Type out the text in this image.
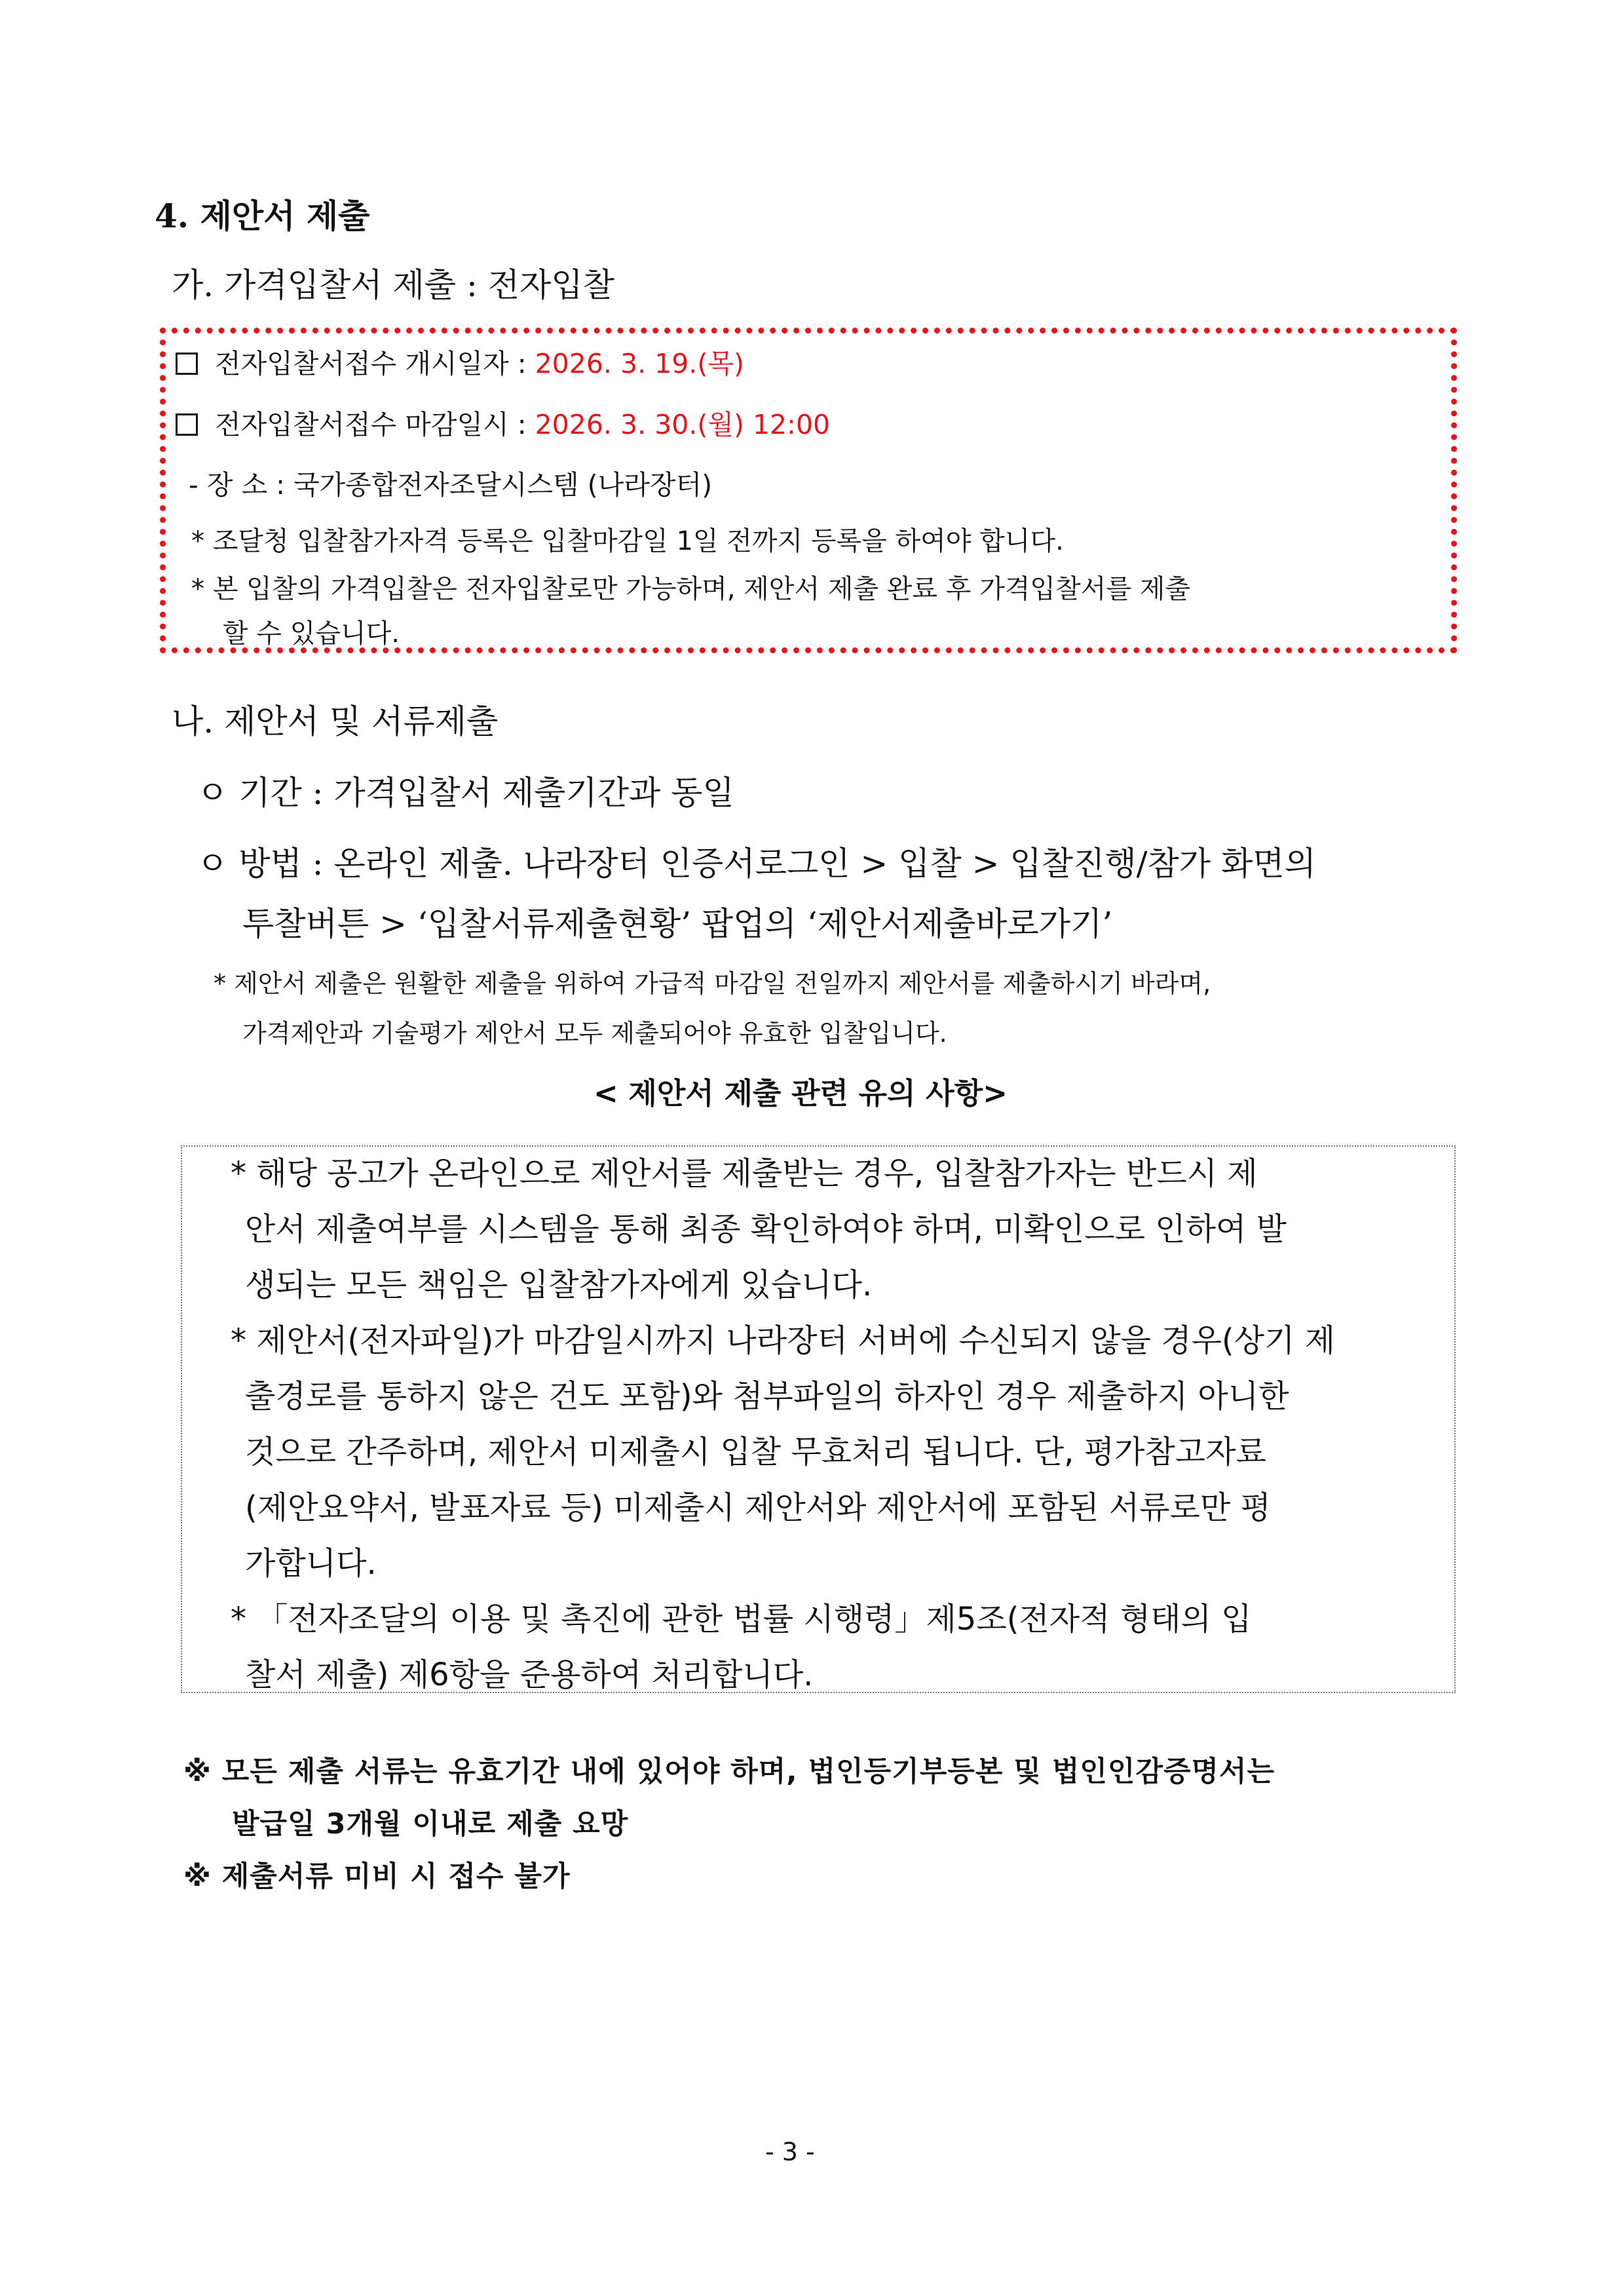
4. 제안서 제출
가. 가격입찰서 제출 : 전자입찰
전자입찰서접수 개시일자 : 2026. 3. 19.(목)
전자입찰서접수 마감일시 : 2026. 3. 30.(월) 12:00
- 장 소 : 국가종합전자조달시스템 (나라장터)
* 조달청 입찰참가자격 등록은 입찰마감일 1일 전까지 등록을 하여야 합니다.
* 본 입찰의 가격입찰은 전자입찰로만 가능하며, 제안서 제출 완료 후 가격입찰서를 제출
할 수 있습니다.
나. 제안서 및 서류제출
ㅇ 기간 : 가격입찰서 제출기간과 동일
ㅇ 방법 : 온라인 제출. 나라장터 인증서로그인 > 입찰 > 입찰진행/참가 화면의
투찰버튼 > ‘입찰서류제출현황’ 팝업의 ‘제안서제출바로가기’
* 제안서 제출은 원활한 제출을 위하여 가급적 마감일 전일까지 제안서를 제출하시기 바라며,
가격제안과 기술평가 제안서 모두 제출되어야 유효한 입찰입니다.
< 제안서 제출 관련 유의 사항>
* 해당 공고가 온라인으로 제안서를 제출받는 경우, 입찰참가자는 반드시 제
안서 제출여부를 시스템을 통해 최종 확인하여야 하며, 미확인으로 인하여 발
생되는 모든 책임은 입찰참가자에게 있습니다.
* 제안서(전자파일)가 마감일시까지 나라장터 서버에 수신되지 않을 경우(상기 제
출경로를 통하지 않은 건도 포함)와 첨부파일의 하자인 경우 제출하지 아니한
것으로 간주하며, 제안서 미제출시 입찰 무효처리 됩니다. 단, 평가참고자료
(제안요약서, 발표자료 등) 미제출시 제안서와 제안서에 포함된 서류로만 평
가합니다.
* 「전자조달의 이용 및 촉진에 관한 법률 시행령」제5조(전자적 형태의 입
찰서 제출) 제6항을 준용하여 처리합니다.
※ 모든 제출 서류는 유효기간 내에 있어야 하며, 법인등기부등본 및 법인인감증명서는
발급일 3개월 이내로 제출 요망
※ 제출서류 미비 시 접수 불가
- 3 -
